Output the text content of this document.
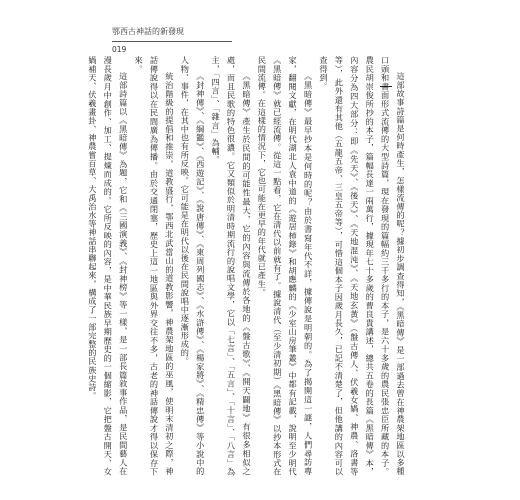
鄂西古神話的新發現
019

這部故事詩篇是何時產生，怎樣流傳的呢？據初步調查得知，《黑暗傳》是一部過去曾在神農架地區以多種口頭和書面形式流傳的大型詩篇，現在發現的篇幅約三千多行的本子，是六十多歲的農民張忠臣所藏的本子。農民胡崇俊所抄的本子，篇幅長達一兩萬行，據現年七十多歲的曹良貴講述，總共五卷的長篇《黑暗傳》本，內容分為四大部分：即《先天》、《後天》、《天地混沌》、《天地玄黃》（盤古傳人、伏羲女媧、神農、洛書等等），此外還有其他（五龍五帝、三皇五帝等），可惜這個本子因歲月長久，已記不清楚了，但他講的內容可以查得到。

《黑暗傳》最早抄本是何時的呢？由於書寫年代不詳，據傳說是明朝的。為了揭開這一謎，人們尋訪專家，翻閱文獻，在明代湖北人袁中道的《遊居柿錄》和胡應麟的《少室山房筆叢》中都有記載，說明至少明代《黑暗傳》就已經流傳。從這一點看，它在清代以前就有了。據說清代（至少清初期）《黑暗傳》以抄本形式在民間流傳。在這樣的情況下，它也可能在更早的年代就已產生。

《黑暗傳》產生於民間的可能性最大，它的內容與流傳於各地的《盤古歌》、《開天闢地》有很多相似之處，而且民歌的特色很濃。它又類似於明清時期流行的說唱文學，它以「七言」、「五言」、「十言」、「八言」為主，「四言」、「雜言」為輔。

《封神傳》、《綱鑑》、《西遊記》、《說唐傳》、《東周列國志》、《水滸傳》、《楊家將》、《精忠傳》等小說中的人物、事件，在其中也有所反映。它可能是在明代以後在民間說唱中逐漸形成的。

統治階級的提倡和推崇，道教盛行，鄂西北武當山的道教影響，神農架地區的巫風，使明末清初之際，神話傳說得以在民間廣為傳播。由於交通閉塞，歷史上這一地區與外界交往不多，古老的神話傳說才得以保存下來。

這部詩篇以《黑暗傳》為題，它和《三國演義》、《封神榜》等一樣，是一部長篇敘事作品，是民間藝人在漫長歲月中創作、加工、提煉而成的。它所反映的內容，是中華民族早期歷史的一個縮影，它把盤古開天、女媧補天、伏羲畫卦、神農嘗百草、大禹治水等神話串聯起來，構成了一部完整的民族史詩。
